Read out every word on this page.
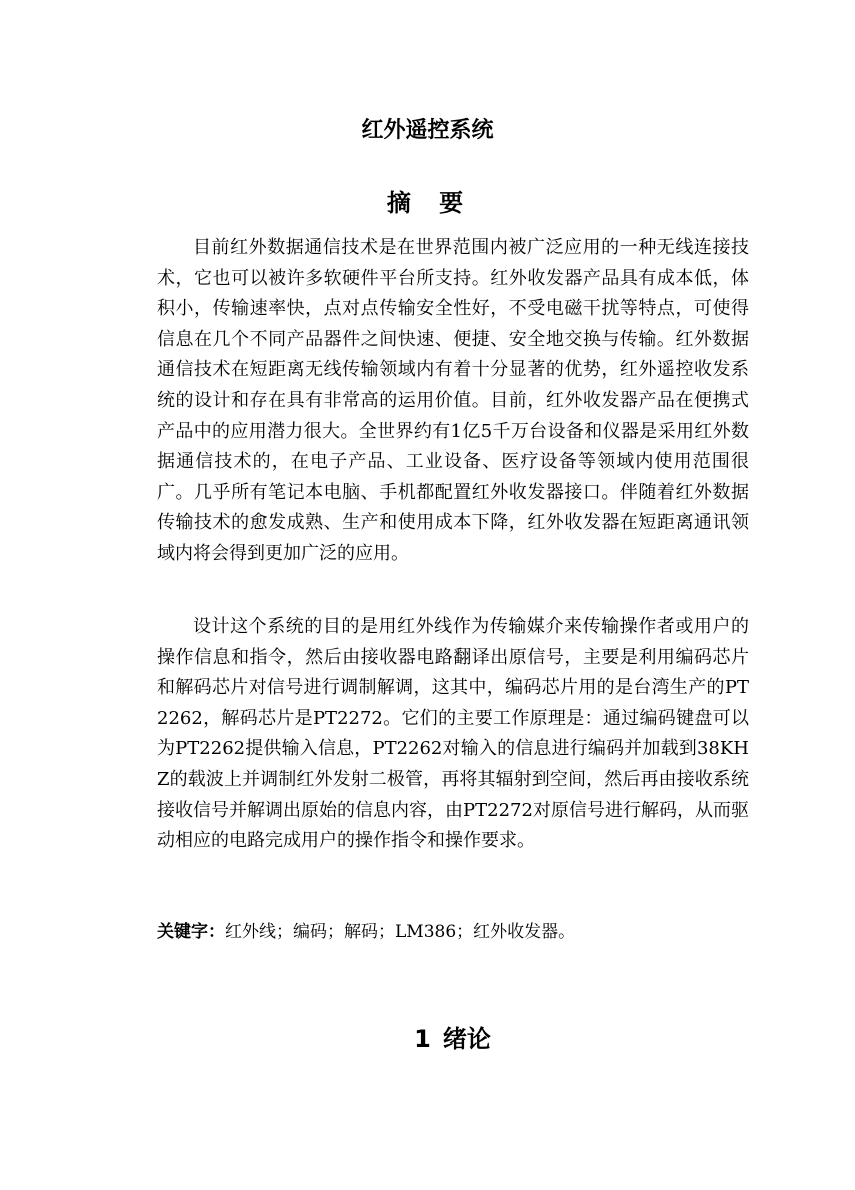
红外遥控系统
摘 要

目前红外数据通信技术是在世界范围内被广泛应用的一种无线连接技术，它也可以被许多软硬件平台所支持。红外收发器产品具有成本低，体积小，传输速率快，点对点传输安全性好，不受电磁干扰等特点，可使得信息在几个不同产品器件之间快速、便捷、安全地交换与传输。红外数据通信技术在短距离无线传输领域内有着十分显著的优势，红外遥控收发系统的设计和存在具有非常高的运用价值。目前，红外收发器产品在便携式产品中的应用潜力很大。全世界约有1亿5千万台设备和仪器是采用红外数据通信技术的，在电子产品、工业设备、医疗设备等领域内使用范围很广。几乎所有笔记本电脑、手机都配置红外收发器接口。伴随着红外数据传输技术的愈发成熟、生产和使用成本下降，红外收发器在短距离通讯领域内将会得到更加广泛的应用。

设计这个系统的目的是用红外线作为传输媒介来传输操作者或用户的操作信息和指令，然后由接收器电路翻译出原信号，主要是利用编码芯片和解码芯片对信号进行调制解调，这其中，编码芯片用的是台湾生产的PT2262，解码芯片是PT2272。它们的主要工作原理是：通过编码键盘可以为PT2262提供输入信息，PT2262对输入的信息进行编码并加载到38KHZ的载波上并调制红外发射二极管，再将其辐射到空间，然后再由接收系统接收信号并解调出原始的信息内容，由PT2272对原信号进行解码，从而驱动相应的电路完成用户的操作指令和操作要求。

关键字：红外线；编码；解码；LM386；红外收发器。

1 绪论
